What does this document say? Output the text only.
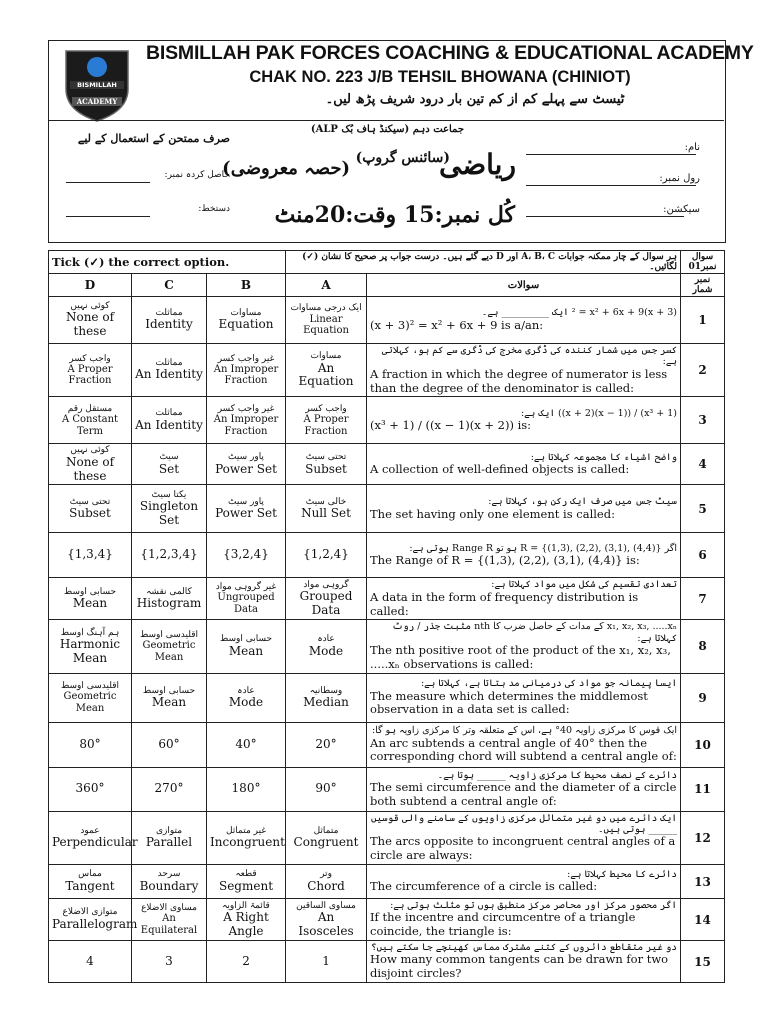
BISMILLAH
ACADEMY
BISMILLAH PAK FORCES COACHING & EDUCATIONAL ACADEMY
CHAK NO. 223 J/B TEHSIL BHOWANA (CHINIOT)
ٹیسٹ سے پہلے کم از کم تین بار درود شریف پڑھ لیں۔
جماعت دہم (سیکنڈ ہاف بُک ALP)
نام:
رول نمبر:
سیکشن:
ریاضی
(سائنس گروپ)
(حصہ معروضی)
کُل نمبر:15 وقت:20منٹ
صرف ممتحن کے استعمال کے لیے
حاصل کردہ نمبر:
دستخط:
Tick (✓) the correct option.			ہر سوال کے چار ممکنہ جوابات A، B، C اور D دیے گئے ہیں۔ درست جواب پر صحیح کا نشان (✓) لگائیں۔		سوال نمبر01
D	C	B	A	سوالات	نمبر شمار

کوئی نہیں
None of these	مماثلت
Identity	مساوات
Equation	ایک درجی مساوات
Linear Equation	(x + 3)² = x² + 6x + 9 ایک __________ ہے۔
(x + 3)² = x² + 6x + 9 is a/an:	1

واجب کسر
A Proper Fraction	مماثلت
An Identity	غیر واجب کسر
An Improper Fraction	مساوات
An Equation	کسر جس میں شمار کنندہ کی ڈگری مخرج کی ڈگری سے کم ہو، کہلاتی ہے:
A fraction in which the degree of numerator is less than the degree of the denominator is called:	2

مستقل رقم
A Constant Term	مماثلت
An Identity	غیر واجب کسر
An Improper Fraction	واجب کسر
A Proper Fraction	(x³ + 1) / ((x − 1)(x + 2)) ایک ہے:
(x³ + 1) / ((x − 1)(x + 2)) is:	3

کوئی نہیں
None of these	سیٹ
Set	پاور سیٹ
Power Set	تحتی سیٹ
Subset	واضح اشیاء کا مجموعہ کہلاتا ہے:
A collection of well-defined objects is called:	4

تحتی سیٹ
Subset	یکتا سیٹ
Singleton Set	پاور سیٹ
Power Set	خالی سیٹ
Null Set	سیٹ جس میں صرف ایک رکن ہو، کہلاتا ہے:
The set having only one element is called:	5

{1,3,4}	{1,2,3,4}	{3,2,4}	{1,2,4}	اگر R = {(1,3), (2,2), (3,1), (4,4)} ہو تو Range R ہوتی ہے:
The Range of R = {(1,3), (2,2), (3,1), (4,4)} is:	6

حسابی اوسط
Mean	کالمی نقشہ
Histogram	غیر گروہی مواد
Ungrouped Data	گروہی مواد
Grouped Data	تعدادی تقسیم کی شکل میں مواد کہلاتا ہے:
A data in the form of frequency distribution is called:	7

ہم آہنگ اوسط
Harmonic Mean	اقلیدسی اوسط
Geometric Mean	حسابی اوسط
Mean	عادہ
Mode	x₁, x₂, x₃, .....xₙ کے مدات کے حاصل ضرب کا nth مثبت جذر / روٹ کہلاتا ہے:
The nth positive root of the product of the x₁, x₂, x₃, .....xₙ observations is called:	8

اقلیدسی اوسط
Geometric Mean	حسابی اوسط
Mean	عادہ
Mode	وسطانیہ
Median	ایسا پیمانہ جو مواد کی درمیانی مد بتاتا ہے، کہلاتا ہے:
The measure which determines the middlemost observation in a data set is called:	9

80°	60°	40°	20°	ایک قوس کا مرکزی زاویہ 40° ہے، اس کے متعلقہ وتر کا مرکزی زاویہ ہو گا:
An arc subtends a central angle of 40° then the corresponding chord will subtend a central angle of:	10

360°	270°	180°	90°	دائرے کے نصف محیط کا مرکزی زاویہ ______ ہوتا ہے۔
The semi circumference and the diameter of a circle both subtend a central angle of:	11

عمود
Perpendicular	متوازی
Parallel	غیر متماثل
Incongruent	متماثل
Congruent	ایک دائرے میں دو غیر متماثل مرکزی زاویوں کے سامنے والی قوسیں ______ ہوتی ہیں۔
The arcs opposite to incongruent central angles of a circle are always:	12

مماس
Tangent	سرحد
Boundary	قطعہ
Segment	وتر
Chord	دائرے کا محیط کہلاتا ہے:
The circumference of a circle is called:	13

متوازی الاضلاع
Parallelogram	مساوی الاضلاع
An Equilateral	قائمۃ الزاویہ
A Right Angle	مساوی الساقین
An Isosceles	اگر محصور مرکز اور محاصر مرکز منطبق ہوں تو مثلث ہوتی ہے:
If the incentre and circumcentre of a triangle coincide, the triangle is:	14

4	3	2	1	دو غیر متقاطع دائروں کے کتنے مشترک مماس کھینچے جا سکتے ہیں؟
How many common tangents can be drawn for two disjoint circles?	15
